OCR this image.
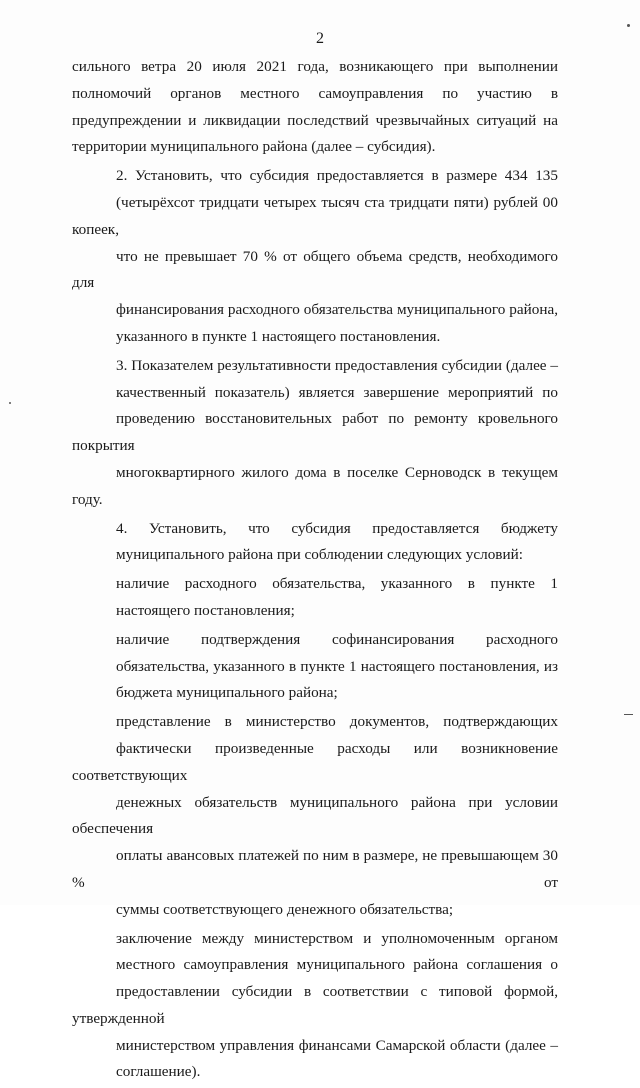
2

сильного ветра 20 июля 2021 года, возникающего при выполнении
полномочий органов местного самоуправления по участию в
предупреждении и ликвидации последствий чрезвычайных ситуаций на
территории муниципального района (далее – субсидия).

2. Установить, что субсидия предоставляется в размере 434 135
(четырёхсот тридцати четырех тысяч ста тридцати пяти) рублей 00 копеек,
что не превышает 70 % от общего объема средств, необходимого для
финансирования расходного обязательства муниципального района,
указанного в пункте 1 настоящего постановления.

3. Показателем результативности предоставления субсидии (далее –
качественный показатель) является завершение мероприятий по
проведению восстановительных работ по ремонту кровельного покрытия
многоквартирного жилого дома в поселке Серноводск в текущем году.

4. Установить, что субсидия предоставляется бюджету
муниципального района при соблюдении следующих условий:

наличие расходного обязательства, указанного в пункте 1
настоящего постановления;

наличие подтверждения софинансирования расходного
обязательства, указанного в пункте 1 настоящего постановления, из
бюджета муниципального района;

представление в министерство документов, подтверждающих
фактически произведенные расходы или возникновение соответствующих
денежных обязательств муниципального района при условии обеспечения
оплаты авансовых платежей по ним в размере, не превышающем 30 % от
суммы соответствующего денежного обязательства;

заключение между министерством и уполномоченным органом
местного самоуправления муниципального района соглашения о
предоставлении субсидии в соответствии с типовой формой, утвержденной
министерством управления финансами Самарской области (далее –
соглашение).
